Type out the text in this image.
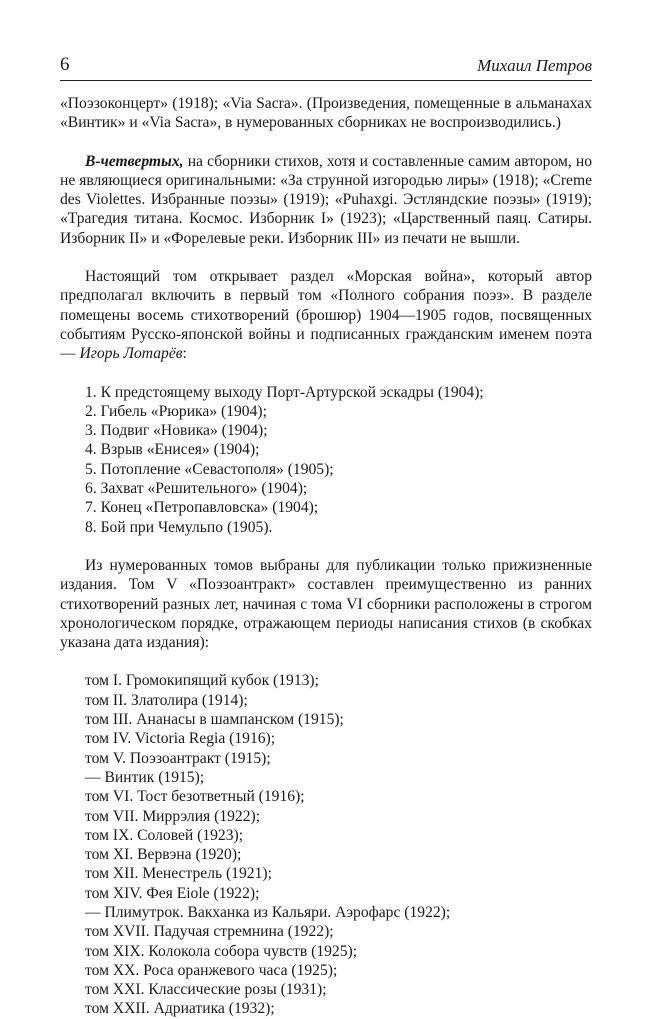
6	Михаил Петров

«Поэзоконцерт» (1918); «Via Sacra». (Произведения, помещенные в альманахах «Винтик» и «Via Sacra», в нумерованных сборниках не воспроизводились.)

В-четвертых, на сборники стихов, хотя и составленные самим автором, но не являющиеся оригинальными: «За струнной изгородью лиры» (1918); «Creme des Violettes. Избранные поэзы» (1919); «Puhaxgi. Эстляндские поэзы» (1919); «Трагедия титана. Космос. Изборник I» (1923); «Царственный паяц. Сатиры. Изборник II» и «Форелевые реки. Изборник III» из печати не вышли.

Настоящий том открывает раздел «Морская война», который автор предполагал включить в первый том «Полного собрания поэз». В разделе помещены восемь стихотворений (брошюр) 1904—1905 годов, посвященных событиям Русско-японской войны и подписанных гражданским именем поэта — Игорь Лотарёв:

1. К предстоящему выходу Порт-Артурской эскадры (1904);
2. Гибель «Рюрика» (1904);
3. Подвиг «Новика» (1904);
4. Взрыв «Енисея» (1904);
5. Потопление «Севастополя» (1905);
6. Захват «Решительного» (1904);
7. Конец «Петропавловска» (1904);
8. Бой при Чемульпо (1905).

Из нумерованных томов выбраны для публикации только прижизненные издания. Том V «Поэзоантракт» составлен преимущественно из ранних стихотворений разных лет, начиная с тома VI сборники расположены в строгом хронологическом порядке, отражающем периоды написания стихов (в скобках указана дата издания):

том I. Громокипящий кубок (1913);
том II. Златолира (1914);
том III. Ананасы в шампанском (1915);
том IV. Victoria Regia (1916);
том V. Поэзоантракт (1915);
— Винтик (1915);
том VI. Тост безответный (1916);
том VII. Миррэлия (1922);
том IX. Соловей (1923);
том XI. Вервэна (1920);
том XII. Менестрель (1921);
том XIV. Фея Eiole (1922);
— Плимутрок. Вакханка из Кальяри. Аэрофарс (1922);
том XVII. Падучая стремнина (1922);
том XIX. Колокола собора чувств (1925);
том XX. Роса оранжевого часа (1925);
том XXI. Классические розы (1931);
том XXII. Адриатика (1932);
